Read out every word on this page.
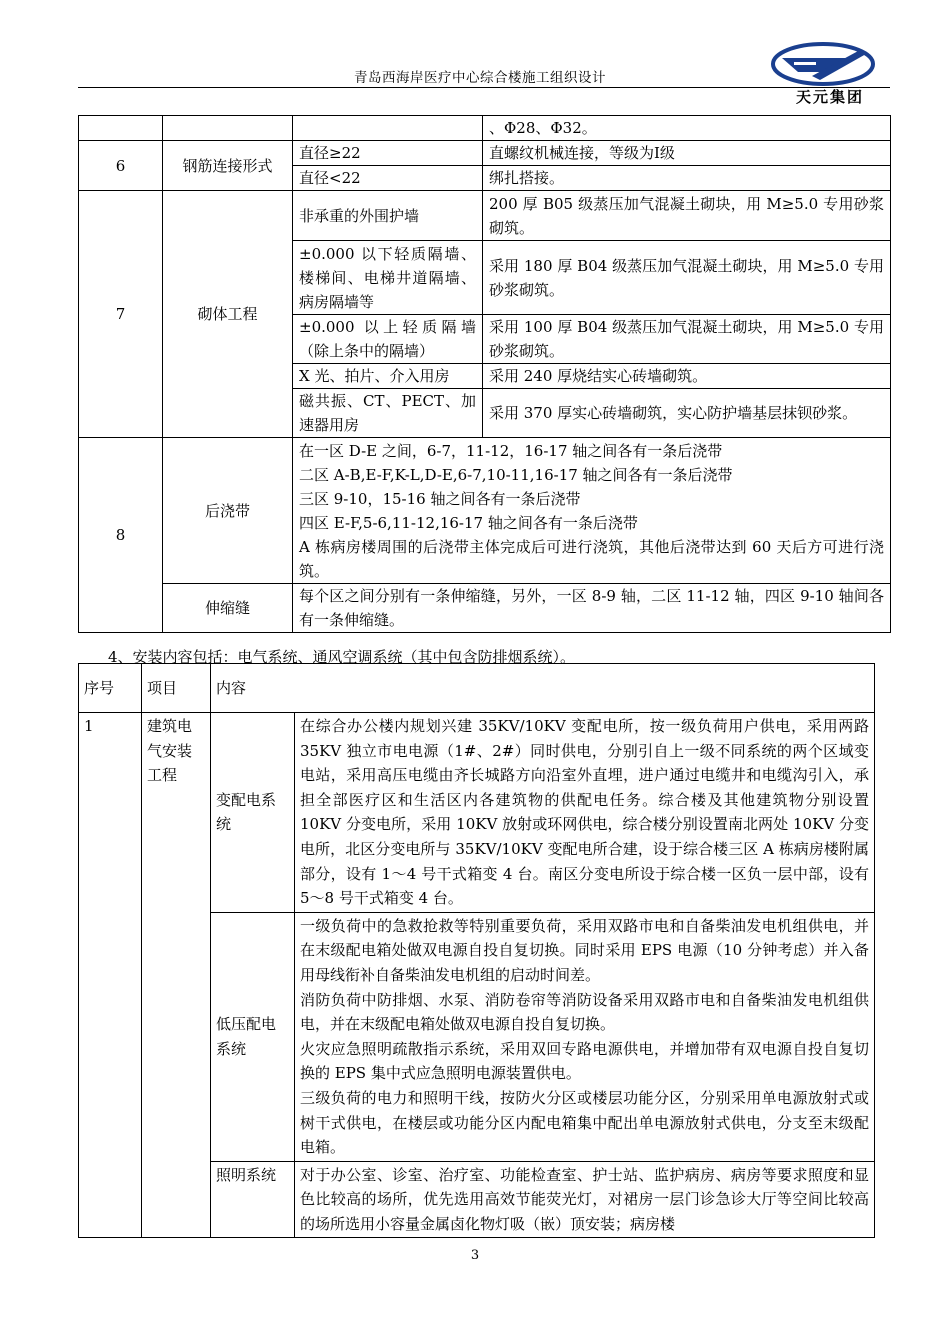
青岛西海岸医疗中心综合楼施工组织设计
天元集团
			、Φ28、Φ32。
6	钢筋连接形式	直径≥22	直螺纹机械连接，等级为Ⅰ级
		直径<22	绑扎搭接。
7	砌体工程	非承重的外围护墙	200 厚 B05 级蒸压加气混凝土砌块，用 M≥5.0 专用砂浆砌筑。
		±0.000 以下轻质隔墙、楼梯间、电梯井道隔墙、病房隔墙等	采用 180 厚 B04 级蒸压加气混凝土砌块，用 M≥5.0 专用砂浆砌筑。
		±0.000 以上轻质隔墙（除上条中的隔墙）	采用 100 厚 B04 级蒸压加气混凝土砌块，用 M≥5.0 专用砂浆砌筑。
		X 光、拍片、介入用房	采用 240 厚烧结实心砖墙砌筑。
		磁共振、CT、PECT、加速器用房	采用 370 厚实心砖墙砌筑，实心防护墙基层抹钡砂浆。
8	后浇带	在一区 D-E 之间，6-7，11-12，16-17 轴之间各有一条后浇带
二区 A-B,E-F,K-L,D-E,6-7,10-11,16-17 轴之间各有一条后浇带
三区 9-10，15-16 轴之间各有一条后浇带
四区 E-F,5-6,11-12,16-17 轴之间各有一条后浇带
A 栋病房楼周围的后浇带主体完成后可进行浇筑，其他后浇带达到 60 天后方可进行浇筑。	

	伸缩缝	每个区之间分别有一条伸缩缝，另外，一区 8-9 轴，二区 11-12 轴，四区 9-10 轴间各有一条伸缩缝。	
4、安装内容包括：电气系统、通风空调系统（其中包含防排烟系统）。
序号	项目	内容	
1	建筑电气安装工程	变配电系统	在综合办公楼内规划兴建 35KV/10KV 变配电所，按一级负荷用户供电，采用两路 35KV 独立市电电源（1#、2#）同时供电，分别引自上一级不同系统的两个区域变电站，采用高压电缆由齐长城路方向沿室外直埋，进户通过电缆井和电缆沟引入，承担全部医疗区和生活区内各建筑物的供配电任务。综合楼及其他建筑物分别设置 10KV 分变电所，采用 10KV 放射或环网供电，综合楼分别设置南北两处 10KV 分变电所，北区分变电所与 35KV/10KV 变配电所合建，设于综合楼三区 A 栋病房楼附属部分，设有 1～4 号干式箱变 4 台。南区分变电所设于综合楼一区负一层中部，设有 5～8 号干式箱变 4 台。

		低压配电系统	一级负荷中的急救抢救等特别重要负荷，采用双路市电和自备柴油发电机组供电，并在末级配电箱处做双电源自投自复切换。同时采用 EPS 电源（10 分钟考虑）并入备用母线衔补自备柴油发电机组的启动时间差。
消防负荷中防排烟、水泵、消防卷帘等消防设备采用双路市电和自备柴油发电机组供电，并在末级配电箱处做双电源自投自复切换。
火灾应急照明疏散指示系统，采用双回专路电源供电，并增加带有双电源自投自复切换的 EPS 集中式应急照明电源装置供电。
三级负荷的电力和照明干线，按防火分区或楼层功能分区，分别采用单电源放射式或树干式供电，在楼层或功能分区内配电箱集中配出单电源放射式供电，分支至末级配电箱。

		照明系统	对于办公室、诊室、治疗室、功能检查室、护士站、监护病房、病房等要求照度和显色比较高的场所，优先选用高效节能荧光灯，对裙房一层门诊急诊大厅等空间比较高的场所选用小容量金属卤化物灯吸（嵌）顶安装；病房楼
3
